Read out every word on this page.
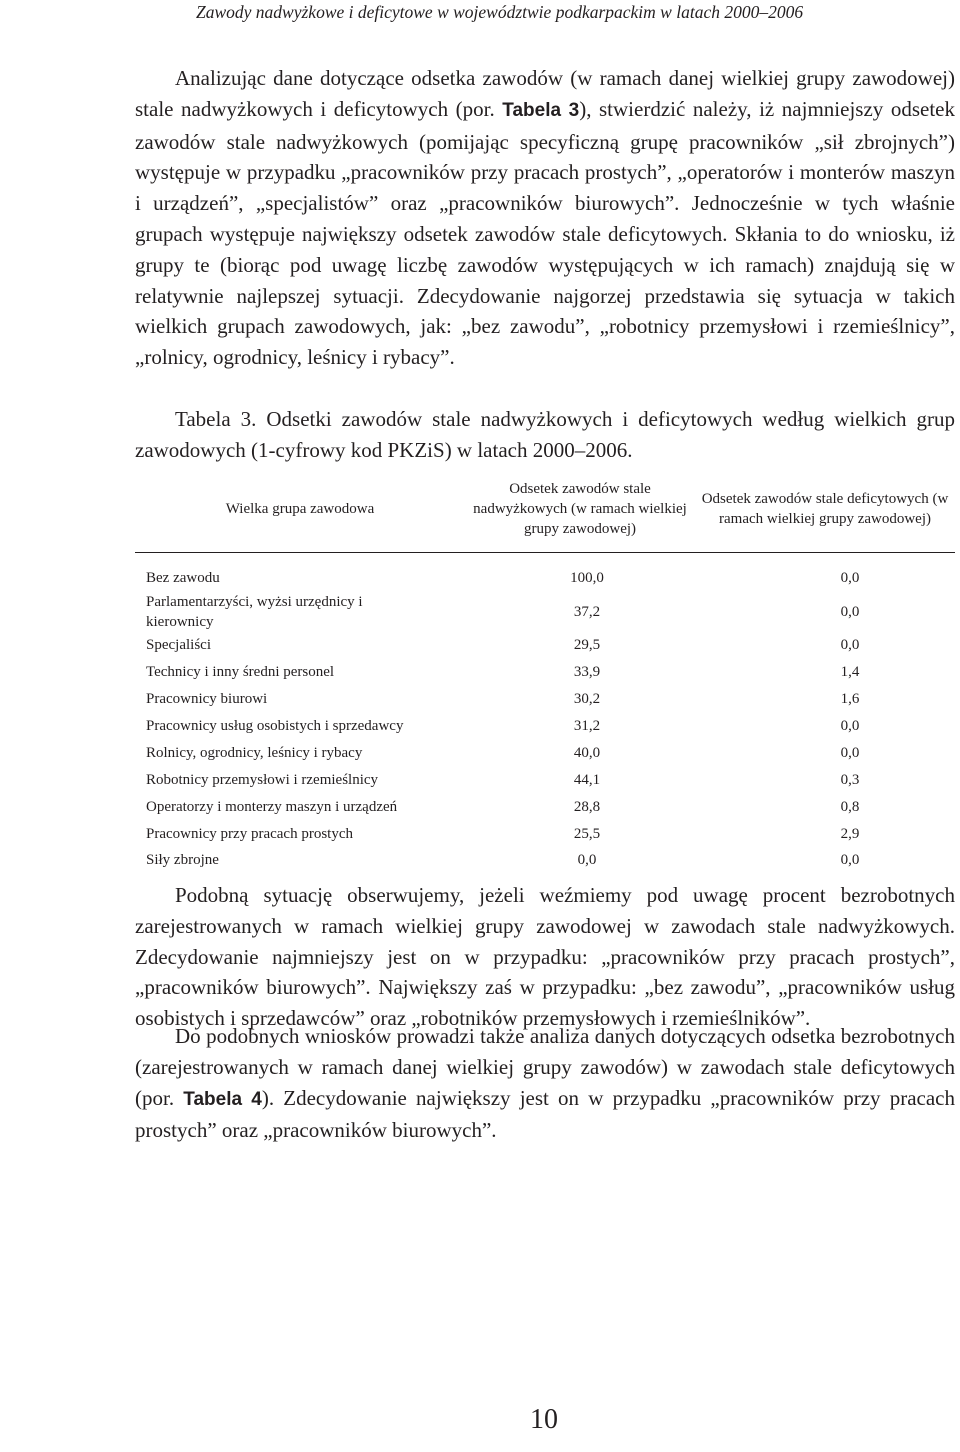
Zawody nadwyżkowe i deficytowe w województwie podkarpackim w latach 2000–2006

Analizując dane dotyczące odsetka zawodów (w ramach danej wielkiej grupy zawodowej) stale nadwyżkowych i deficytowych (por. Tabela 3), stwierdzić należy, iż najmniejszy odsetek zawodów stale nadwyżkowych (pomijając specyficzną grupę pracowników „sił zbrojnych”) występuje w przypadku „pracowników przy pracach prostych”, „operatorów i monterów maszyn i urządzeń”, „specjalistów” oraz „pracowników biurowych”. Jednocześnie w tych właśnie grupach występuje największy odsetek zawodów stale deficytowych. Skłania to do wniosku, iż grupy te (biorąc pod uwagę liczbę zawodów występujących w ich ramach) znajdują się w relatywnie najlepszej sytuacji. Zdecydowanie najgorzej przedstawia się sytuacja w takich wielkich grupach zawodowych, jak: „bez zawodu”, „robotnicy przemysłowi i rzemieślnicy”, „rolnicy, ogrodnicy, leśnicy i rybacy”.

Tabela 3. Odsetki zawodów stale nadwyżkowych i deficytowych według wielkich grup zawodowych (1-cyfrowy kod PKZiS) w latach 2000–2006.

Wielka grupa zawodowa	Odsetek zawodów stale nadwyżkowych (w ramach wielkiej grupy zawodowej)	Odsetek zawodów stale deficytowych (w ramach wielkiej grupy zawodowej)
Bez zawodu	100,0	0,0

Parlamentarzyści, wyżsi urzędnicy i kierownicy	37,2	0,0
Specjaliści	29,5	0,0
Technicy i inny średni personel	33,9	1,4
Pracownicy biurowi	30,2	1,6
Pracownicy usług osobistych i sprzedawcy	31,2	0,0
Rolnicy, ogrodnicy, leśnicy i rybacy	40,0	0,0
Robotnicy przemysłowi i rzemieślnicy	44,1	0,3
Operatorzy i monterzy maszyn i urządzeń	28,8	0,8
Pracownicy przy pracach prostych	25,5	2,9
Siły zbrojne	0,0	0,0

Podobną sytuację obserwujemy, jeżeli weźmiemy pod uwagę procent bezrobotnych zarejestrowanych w ramach wielkiej grupy zawodowej w zawodach stale nadwyżkowych. Zdecydowanie najmniejszy jest on w przypadku: „pracowników przy pracach prostych”, „pracowników biurowych”. Największy zaś w przypadku: „bez zawodu”, „pracowników usług osobistych i sprzedawców” oraz „robotników przemysłowych i rzemieślników”.

Do podobnych wniosków prowadzi także analiza danych dotyczących odsetka bezrobotnych (zarejestrowanych w ramach danej wielkiej grupy zawodów) w zawodach stale deficytowych (por. Tabela 4). Zdecydowanie największy jest on w przypadku „pracowników przy pracach prostych” oraz „pracowników biurowych”.

10
